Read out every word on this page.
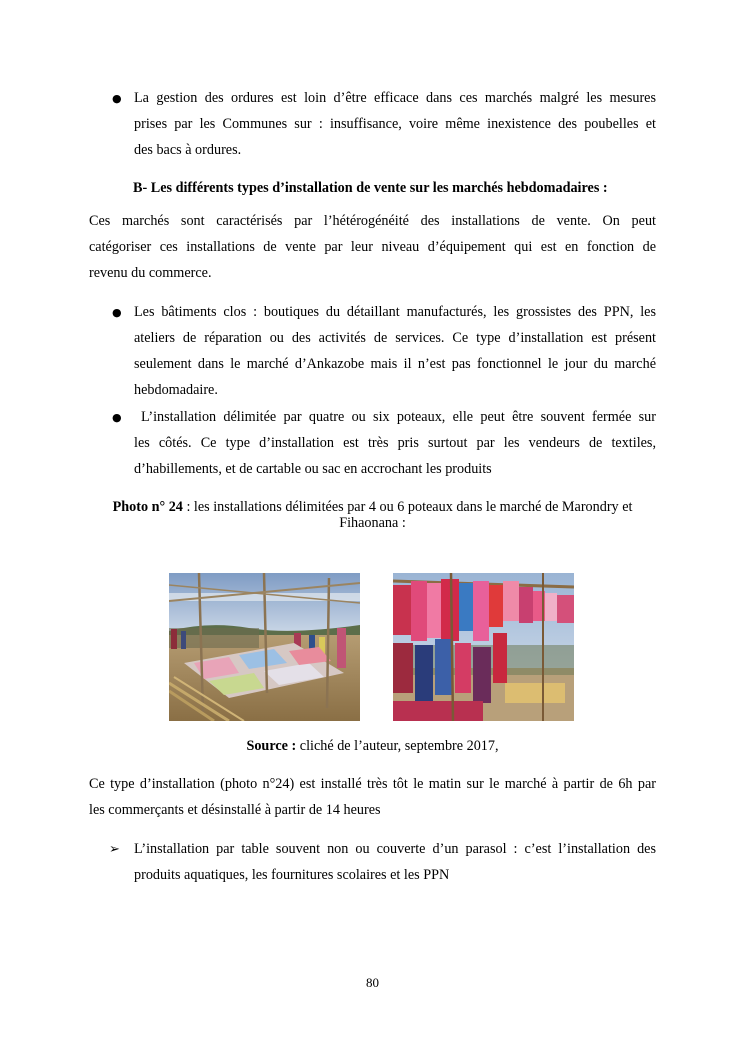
● La gestion des ordures est loin d’être efficace dans ces marchés malgré les mesures
prises par les Communes sur : insuffisance, voire même inexistence des poubelles et
des bacs à ordures.
B- Les différents types d’installation de vente sur les marchés hebdomadaires :
Ces marchés sont caractérisés par l’hétérogénéité des installations de vente. On peut
catégoriser ces installations de vente par leur niveau d’équipement qui est en fonction de
revenu du commerce.
● Les bâtiments clos : boutiques du détaillant manufacturés, les grossistes des PPN, les
ateliers de réparation ou des activités de services. Ce type d’installation est présent
seulement dans le marché d’Ankazobe mais il n’est pas fonctionnel le jour du marché
hebdomadaire.
● L’installation délimitée par quatre ou six poteaux, elle peut être souvent fermée sur
les côtés. Ce type d’installation est très pris surtout par les vendeurs de textiles,
d’habillements, et de cartable ou sac en accrochant les produits
Photo n° 24 : les installations délimitées par 4 ou 6 poteaux dans le marché de Marondry et
Fihaonana :
Source : cliché de l’auteur, septembre 2017,
Ce type d’installation (photo n°24) est installé très tôt le matin sur le marché à partir de 6h par
les commerçants et désinstallé à partir de 14 heures
➢ L’installation par table souvent non ou couverte d’un parasol : c’est l’installation des
produits aquatiques, les fournitures scolaires et les PPN
80
